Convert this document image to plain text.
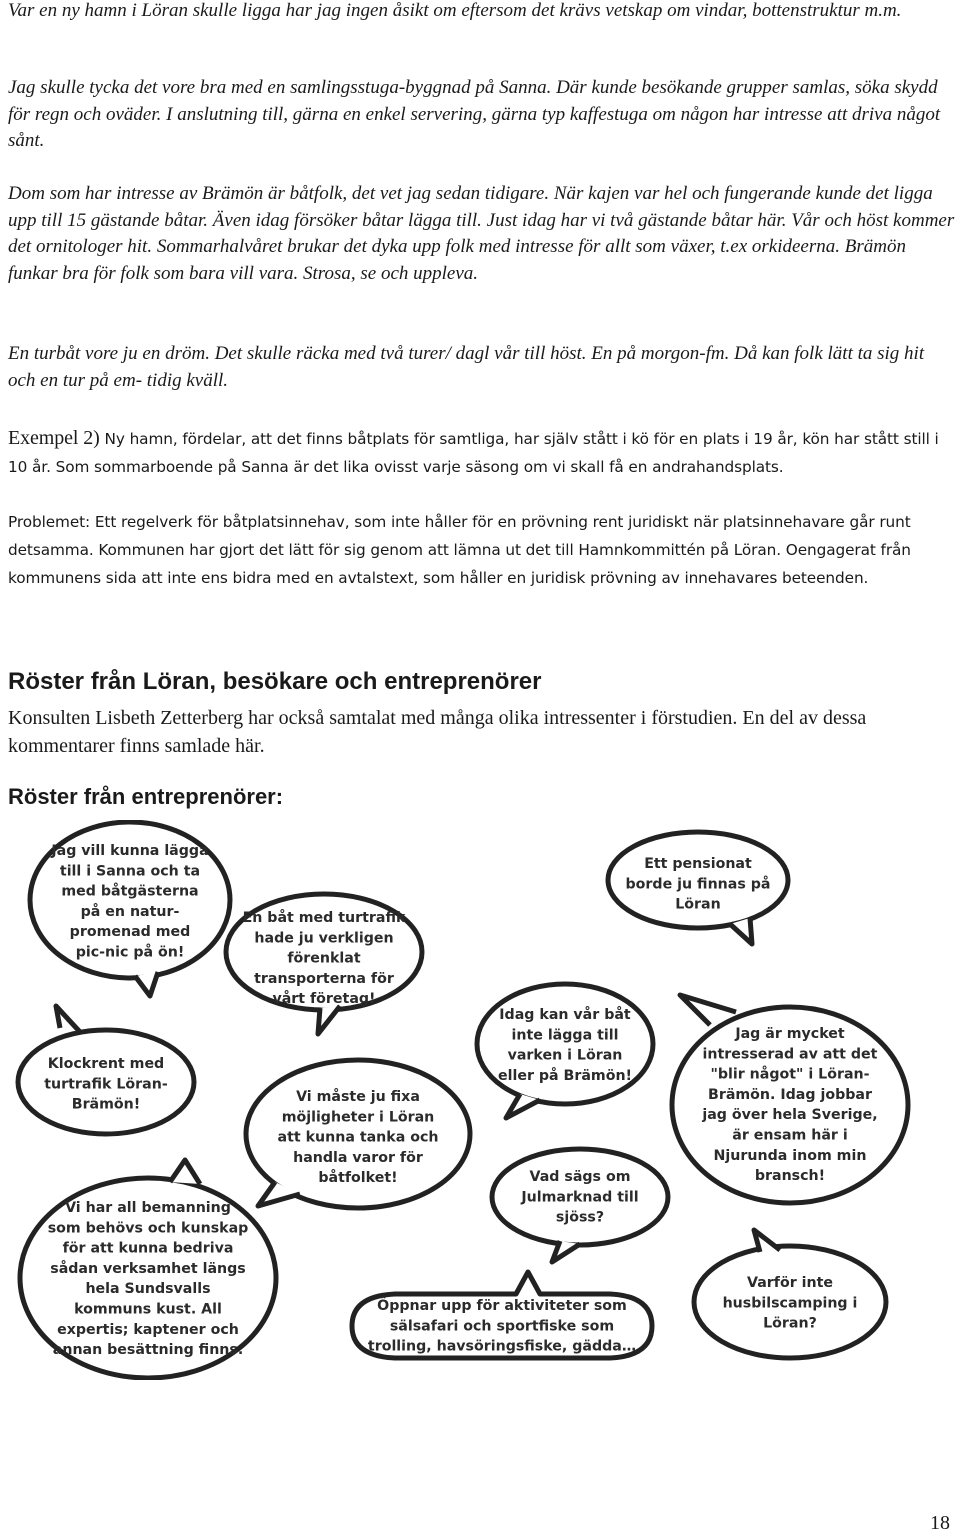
Var en ny hamn i Löran skulle ligga har jag ingen åsikt om eftersom det krävs vetskap om vindar, bottenstruktur m.m.

Jag skulle tycka det vore bra med en samlingsstuga-byggnad på Sanna. Där kunde besökande grupper samlas, söka skydd för regn och oväder. I anslutning till, gärna en enkel servering, gärna typ kaffestuga om någon har intresse att driva något sånt.

Dom som har intresse av Brämön är båtfolk, det vet jag sedan tidigare. När kajen var hel och fungerande kunde det ligga upp till 15 gästande båtar. Även idag försöker båtar lägga till. Just idag har vi två gästande båtar här. Vår och höst kommer det ornitologer hit. Sommarhalvåret brukar det dyka upp folk med intresse för allt som växer, t.ex orkideerna. Brämön funkar bra för folk som bara vill vara. Strosa, se och uppleva.

En turbåt vore ju en dröm. Det skulle räcka med två turer/ dagl vår till höst. En på morgon-fm. Då kan folk lätt ta sig hit och en tur på em- tidig kväll.

Exempel 2) Ny hamn, fördelar, att det finns båtplats för samtliga, har själv stått i kö för en plats i 19 år, kön har stått still i 10 år. Som sommarboende på Sanna är det lika ovisst varje säsong om vi skall få en andrahandsplats.

Problemet: Ett regelverk för båtplatsinnehav, som inte håller för en prövning rent juridiskt när platsinnehavare går runt detsamma. Kommunen har gjort det lätt för sig genom att lämna ut det till Hamnkommittén på Löran. Oengagerat från kommunens sida att inte ens bidra med en avtalstext, som håller en juridisk prövning av innehavares beteenden.

Röster från Löran, besökare och entreprenörer

Konsulten Lisbeth Zetterberg har också samtalat med många olika intressenter i förstudien. En del av dessa kommentarer finns samlade här.

Röster från entreprenörer:
Jag vill kunna lägga till i Sanna och ta med båtgästerna på en natur-promenad med pic-nic på ön!
En båt med turtrafik hade ju verkligen förenklat transporterna för vårt företag!
Ett pensionat borde ju finnas på Löran
Idag kan vår båt inte lägga till varken i Löran eller på Brämön!
Klockrent med turtrafik Löran-Brämön!	Vi måste ju fixa möjligheter i Löran att kunna tanka och handla varor för båtfolket!
Jag är mycket intresserad av att det "blir något" i Löran-Brämön. Idag jobbar jag över hela Sverige, är ensam här i Njurunda inom min bransch!
Vad sägs om Julmarknad till sjöss?
Vi har all bemanning som behövs och kunskap för att kunna bedriva sådan verksamhet längs hela Sundsvalls kommuns kust. All expertis; kaptener och annan besättning finns.
Varför inte husbilscamping i Löran?
Öppnar upp för aktiviteter som sälsafari och sportfiske som trolling, havsöringsfiske, gädda…
18
